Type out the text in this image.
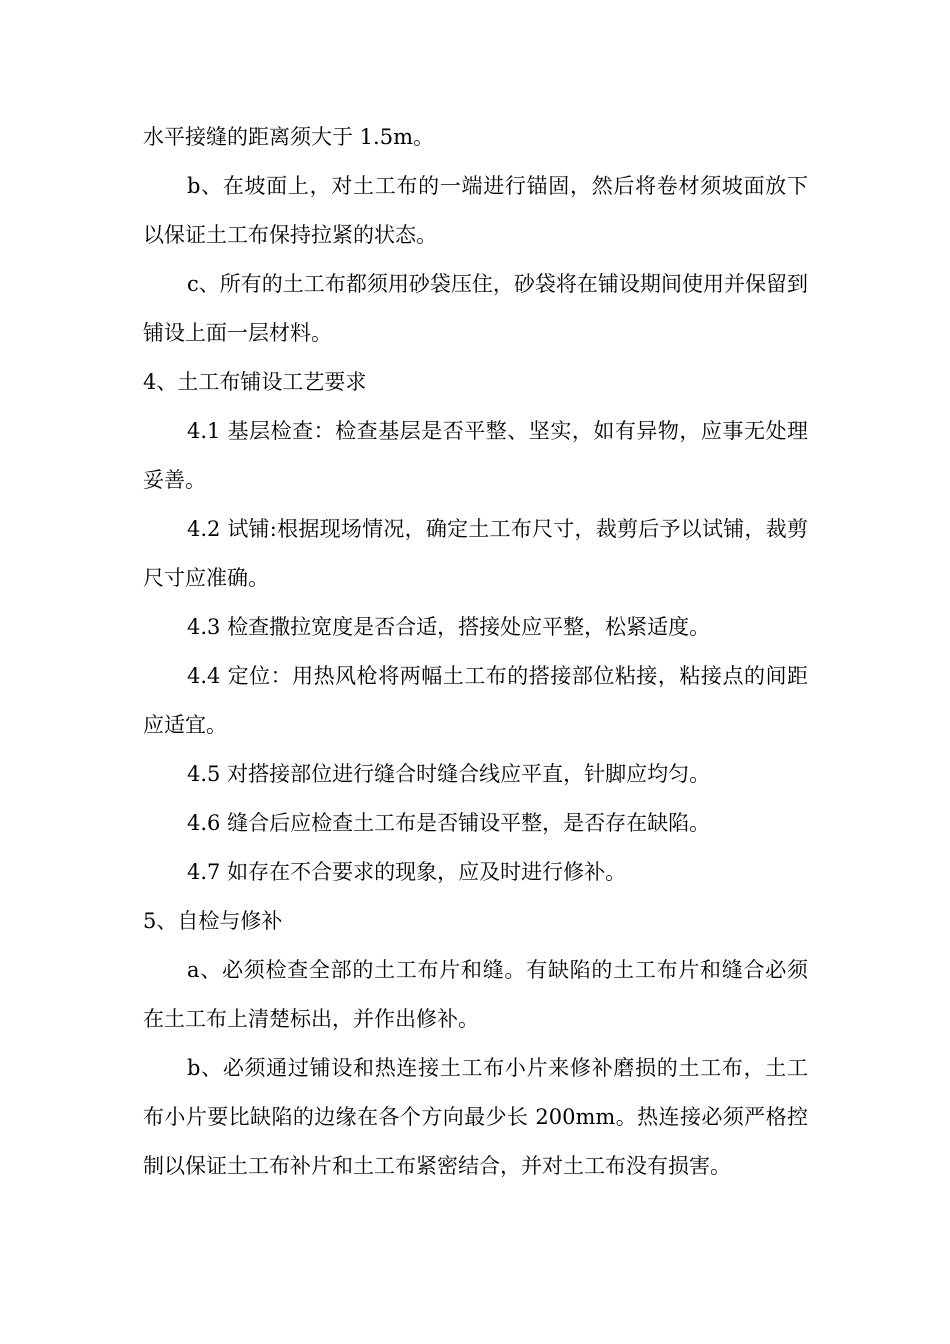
水平接缝的距离须大于 1.5m。

b、在坡面上，对土工布的一端进行锚固，然后将卷材须坡面放下以保证土工布保持拉紧的状态。

c、所有的土工布都须用砂袋压住，砂袋将在铺设期间使用并保留到铺设上面一层材料。

4、土工布铺设工艺要求

4.1 基层检查：检查基层是否平整、坚实，如有异物，应事无处理妥善。

4.2 试铺:根据现场情况，确定土工布尺寸，裁剪后予以试铺，裁剪尺寸应准确。

4.3 检查撒拉宽度是否合适，搭接处应平整，松紧适度。

4.4 定位：用热风枪将两幅土工布的搭接部位粘接，粘接点的间距应适宜。

4.5 对搭接部位进行缝合时缝合线应平直，针脚应均匀。

4.6 缝合后应检查土工布是否铺设平整，是否存在缺陷。

4.7 如存在不合要求的现象，应及时进行修补。

5、自检与修补

a、必须检查全部的土工布片和缝。有缺陷的土工布片和缝合必须在土工布上清楚标出，并作出修补。

b、必须通过铺设和热连接土工布小片来修补磨损的土工布，土工布小片要比缺陷的边缘在各个方向最少长 200mm。热连接必须严格控制以保证土工布补片和土工布紧密结合，并对土工布没有损害。
